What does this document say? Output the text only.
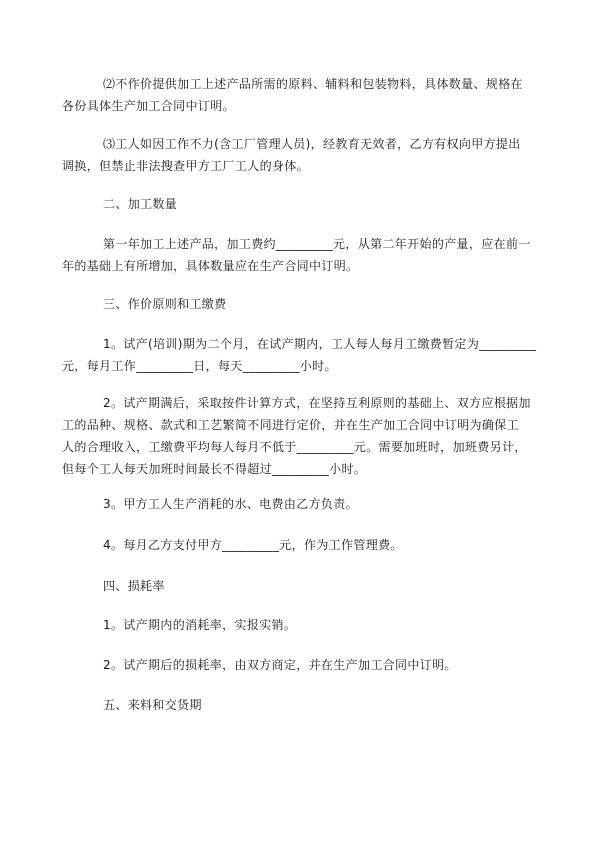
⑵不作价提供加工上述产品所需的原料、辅料和包装物料，具体数量、规格在
各份具体生产加工合同中订明。
⑶工人如因工作不力(含工厂管理人员)，经教育无效者，乙方有权向甲方提出
调换，但禁止非法搜查甲方工厂工人的身体。
二、加工数量
第一年加工上述产品，加工费约_________元，从第二年开始的产量，应在前一
年的基础上有所增加，具体数量应在生产合同中订明。
三、作价原则和工缴费
1。试产(培训)期为二个月，在试产期内，工人每人每月工缴费暂定为_________
元，每月工作_________日，每天_________小时。
2。试产期满后，采取按件计算方式，在坚持互利原则的基础上、双方应根据加
工的品种、规格、款式和工艺繁简不同进行定价，并在生产加工合同中订明为确保工
人的合理收入，工缴费平均每人每月不低于_________元。需要加班时，加班费另计，
但每个工人每天加班时间最长不得超过_________小时。
3。甲方工人生产消耗的水、电费由乙方负责。
4。每月乙方支付甲方_________元，作为工作管理费。
四、损耗率
1。试产期内的消耗率，实报实销。
2。试产期后的损耗率，由双方商定，并在生产加工合同中订明。
五、来料和交货期
